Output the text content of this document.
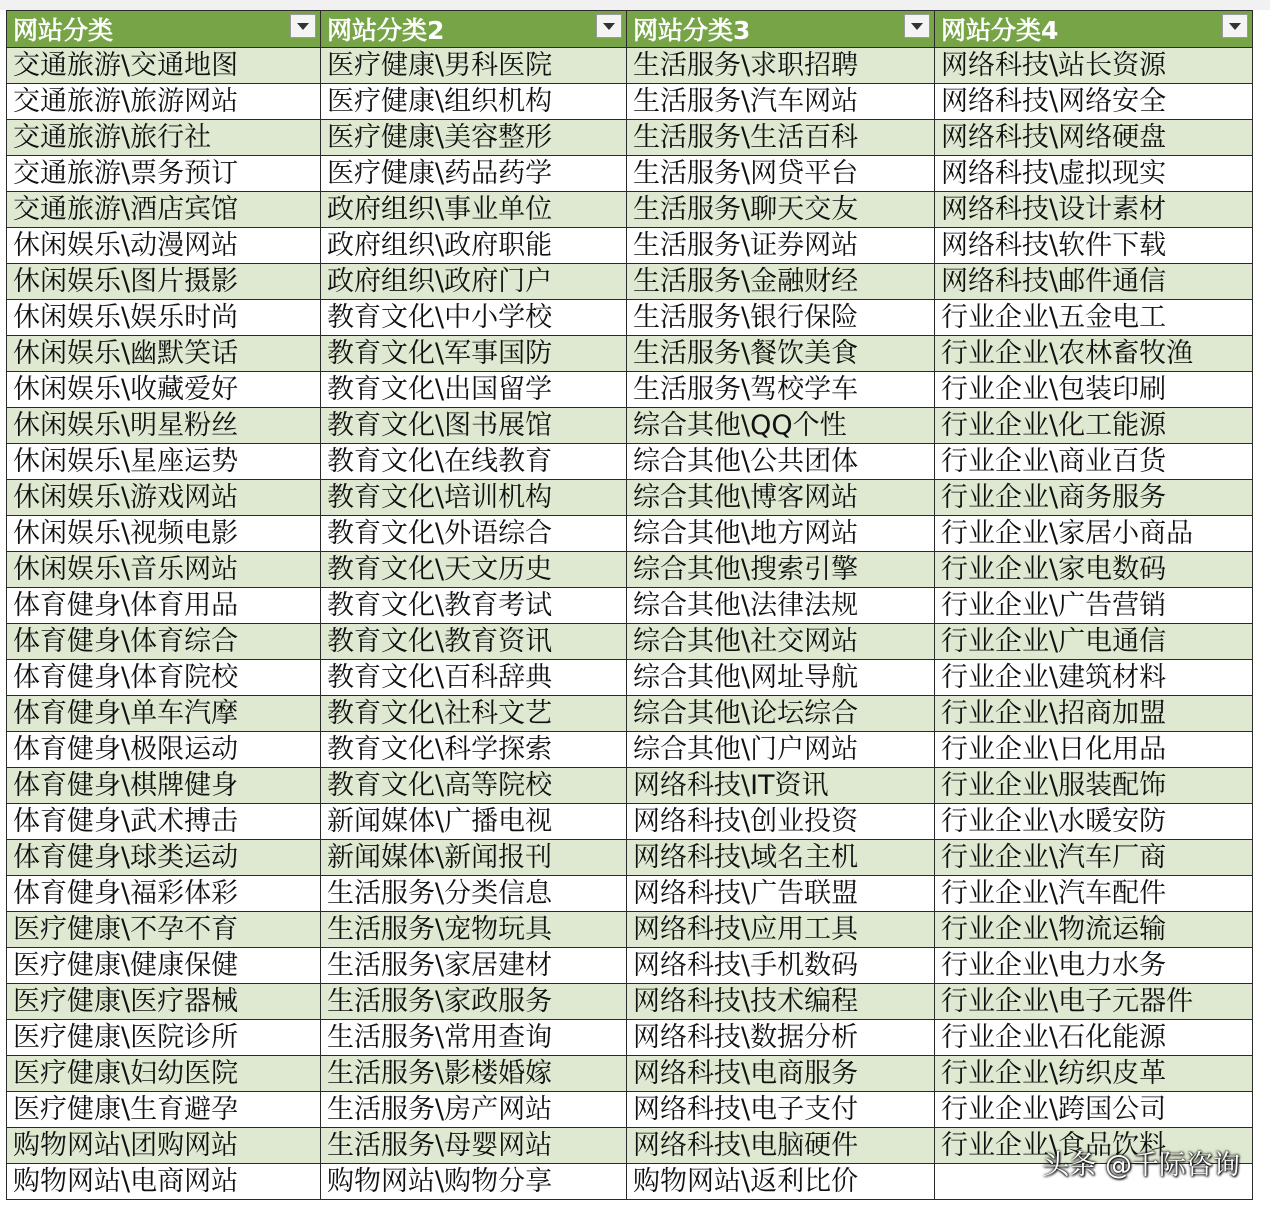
网站分类	网站分类2	网站分类3	网站分类4

交通旅游\交通地图	医疗健康\男科医院	生活服务\求职招聘	网络科技\站长资源
交通旅游\旅游网站	医疗健康\组织机构	生活服务\汽车网站	网络科技\网络安全
交通旅游\旅行社	医疗健康\美容整形	生活服务\生活百科	网络科技\网络硬盘
交通旅游\票务预订	医疗健康\药品药学	生活服务\网贷平台	网络科技\虚拟现实
交通旅游\酒店宾馆	政府组织\事业单位	生活服务\聊天交友	网络科技\设计素材
休闲娱乐\动漫网站	政府组织\政府职能	生活服务\证券网站	网络科技\软件下载
休闲娱乐\图片摄影	政府组织\政府门户	生活服务\金融财经	网络科技\邮件通信
休闲娱乐\娱乐时尚	教育文化\中小学校	生活服务\银行保险	行业企业\五金电工
休闲娱乐\幽默笑话	教育文化\军事国防	生活服务\餐饮美食	行业企业\农林畜牧渔
休闲娱乐\收藏爱好	教育文化\出国留学	生活服务\驾校学车	行业企业\包装印刷
休闲娱乐\明星粉丝	教育文化\图书展馆	综合其他\QQ个性	行业企业\化工能源
休闲娱乐\星座运势	教育文化\在线教育	综合其他\公共团体	行业企业\商业百货
休闲娱乐\游戏网站	教育文化\培训机构	综合其他\博客网站	行业企业\商务服务
休闲娱乐\视频电影	教育文化\外语综合	综合其他\地方网站	行业企业\家居小商品
休闲娱乐\音乐网站	教育文化\天文历史	综合其他\搜索引擎	行业企业\家电数码
体育健身\体育用品	教育文化\教育考试	综合其他\法律法规	行业企业\广告营销
体育健身\体育综合	教育文化\教育资讯	综合其他\社交网站	行业企业\广电通信
体育健身\体育院校	教育文化\百科辞典	综合其他\网址导航	行业企业\建筑材料
体育健身\单车汽摩	教育文化\社科文艺	综合其他\论坛综合	行业企业\招商加盟
体育健身\极限运动	教育文化\科学探索	综合其他\门户网站	行业企业\日化用品
体育健身\棋牌健身	教育文化\高等院校	网络科技\IT资讯	行业企业\服装配饰
体育健身\武术搏击	新闻媒体\广播电视	网络科技\创业投资	行业企业\水暖安防
体育健身\球类运动	新闻媒体\新闻报刊	网络科技\域名主机	行业企业\汽车厂商
体育健身\福彩体彩	生活服务\分类信息	网络科技\广告联盟	行业企业\汽车配件
医疗健康\不孕不育	生活服务\宠物玩具	网络科技\应用工具	行业企业\物流运输
医疗健康\健康保健	生活服务\家居建材	网络科技\手机数码	行业企业\电力水务
医疗健康\医疗器械	生活服务\家政服务	网络科技\技术编程	行业企业\电子元器件
医疗健康\医院诊所	生活服务\常用查询	网络科技\数据分析	行业企业\石化能源
医疗健康\妇幼医院	生活服务\影楼婚嫁	网络科技\电商服务	行业企业\纺织皮革
医疗健康\生育避孕	生活服务\房产网站	网络科技\电子支付	行业企业\跨国公司
购物网站\团购网站	生活服务\母婴网站	网络科技\电脑硬件	行业企业\食品饮料
购物网站\电商网站	购物网站\购物分享	购物网站\返利比价	
头条 @千际咨询
